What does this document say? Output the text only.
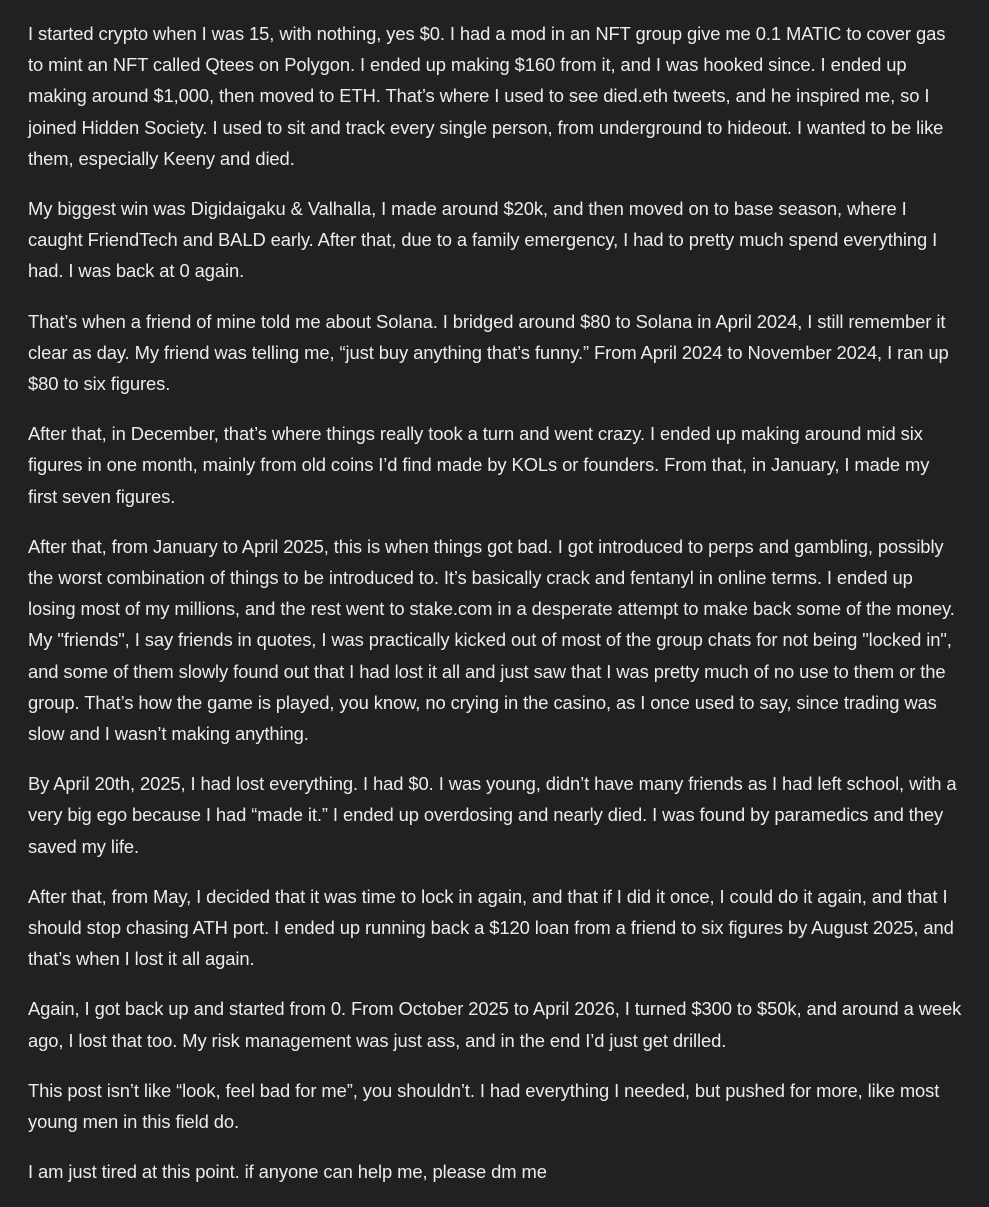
I started crypto when I was 15, with nothing, yes $0. I had a mod in an NFT group give me 0.1 MATIC to cover gas to mint an NFT called Qtees on Polygon. I ended up making $160 from it, and I was hooked since. I ended up making around $1,000, then moved to ETH. That’s where I used to see died.eth tweets, and he inspired me, so I joined Hidden Society. I used to sit and track every single person, from underground to hideout. I wanted to be like them, especially Keeny and died.

My biggest win was Digidaigaku & Valhalla, I made around $20k, and then moved on to base season, where I caught FriendTech and BALD early. After that, due to a family emergency, I had to pretty much spend everything I had. I was back at 0 again.

That’s when a friend of mine told me about Solana. I bridged around $80 to Solana in April 2024, I still remember it clear as day. My friend was telling me, “just buy anything that’s funny.” From April 2024 to November 2024, I ran up $80 to six figures.

After that, in December, that’s where things really took a turn and went crazy. I ended up making around mid six figures in one month, mainly from old coins I’d find made by KOLs or founders. From that, in January, I made my first seven figures.

After that, from January to April 2025, this is when things got bad. I got introduced to perps and gambling, possibly the worst combination of things to be introduced to. It’s basically crack and fentanyl in online terms. I ended up losing most of my millions, and the rest went to stake.com in a desperate attempt to make back some of the money. My "friends", I say friends in quotes, I was practically kicked out of most of the group chats for not being "locked in", and some of them slowly found out that I had lost it all and just saw that I was pretty much of no use to them or the group. That’s how the game is played, you know, no crying in the casino, as I once used to say, since trading was slow and I wasn’t making anything.

By April 20th, 2025, I had lost everything. I had $0. I was young, didn’t have many friends as I had left school, with a very big ego because I had “made it.” I ended up overdosing and nearly died. I was found by paramedics and they saved my life.

After that, from May, I decided that it was time to lock in again, and that if I did it once, I could do it again, and that I should stop chasing ATH port. I ended up running back a $120 loan from a friend to six figures by August 2025, and that’s when I lost it all again.

Again, I got back up and started from 0. From October 2025 to April 2026, I turned $300 to $50k, and around a week ago, I lost that too. My risk management was just ass, and in the end I’d just get drilled.

This post isn’t like “look, feel bad for me”, you shouldn’t. I had everything I needed, but pushed for more, like most young men in this field do.

I am just tired at this point. if anyone can help me, please dm me
